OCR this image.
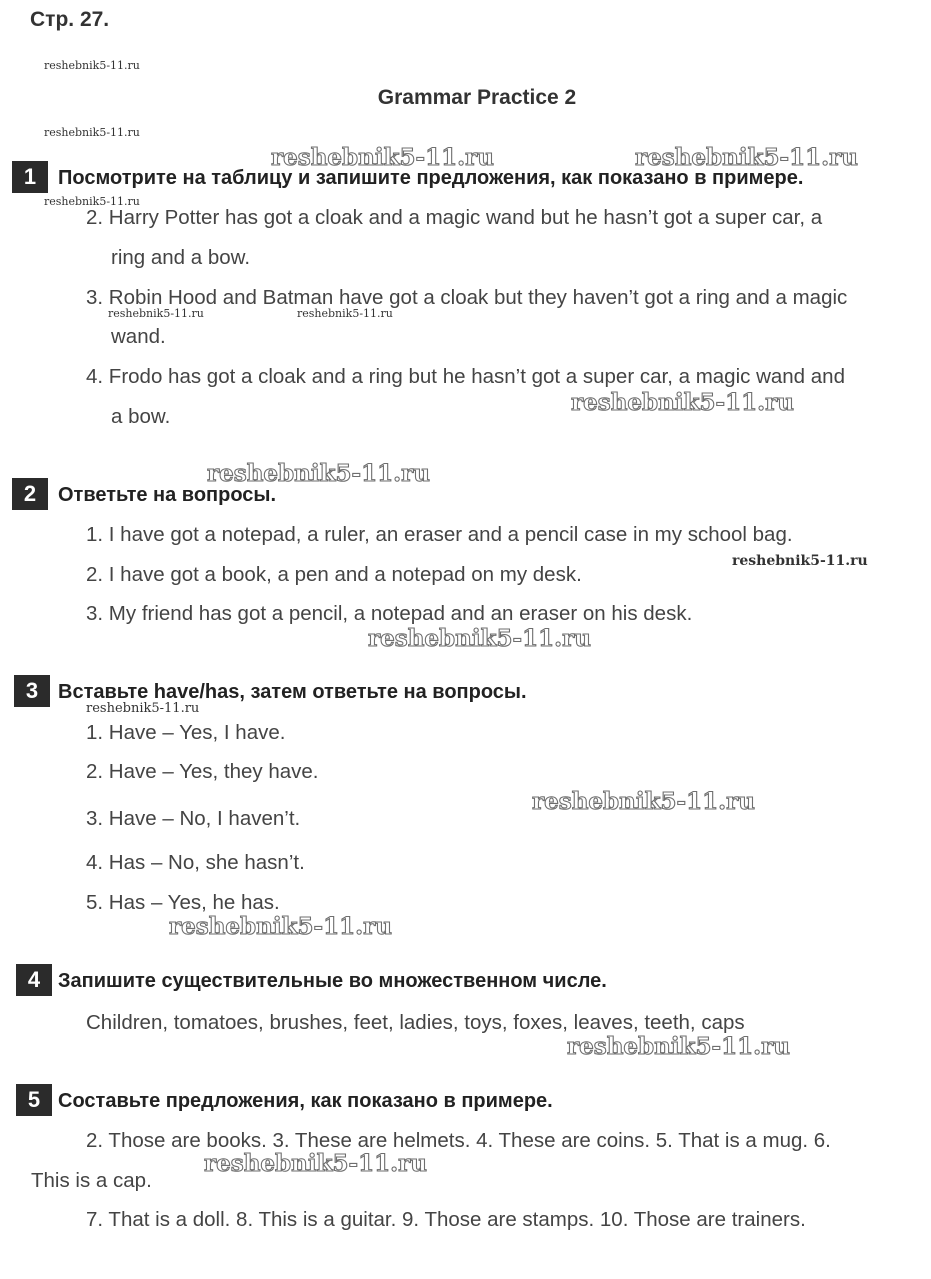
Стр. 27.
Grammar Practice 2
reshebnik5-11.ru
reshebnik5-11.ru
reshebnik5-11.ru
reshebnik5-11.ru	reshebnik5-11.ru
reshebnik5-11.ru
reshebnik5-11.ru
reshebnik5-11.ru	reshebnik5-11.ru
reshebnik5-11.ru
reshebnik5-11.ru
reshebnik5-11.ru
reshebnik5-11.ru
reshebnik5-11.ru
reshebnik5-11.ru
reshebnik5-11.ru
1	Посмотрите на таблицу и запишите предложения, как показано в примере.
2. Harry Potter has got a cloak and a magic wand but he hasn’t got a super car, a
ring and a bow.
3. Robin Hood and Batman have got a cloak but they haven’t got a ring and a magic
wand.
4. Frodo has got a cloak and a ring but he hasn’t got a super car, a magic wand and
a bow.
2	Ответьте на вопросы.
1. I have got a notepad, a ruler, an eraser and a pencil case in my school bag.
2. I have got a book, a pen and a notepad on my desk.
3. My friend has got a pencil, a notepad and an eraser on his desk.
3 Вставьте have/has, затем ответьте на вопросы.
1. Have – Yes, I have.
2. Have – Yes, they have.
3. Have – No, I haven’t.
4. Has – No, she hasn’t.
5. Has – Yes, he has.
4 Запишите существительные во множественном числе.
Children, tomatoes, brushes, feet, ladies, toys, foxes, leaves, teeth, caps
5 Составьте предложения, как показано в примере.
2. Those are books. 3. These are helmets. 4. These are coins. 5. That is a mug. 6.
This is a cap.
7. That is a doll. 8. This is a guitar. 9. Those are stamps. 10. Those are trainers.
